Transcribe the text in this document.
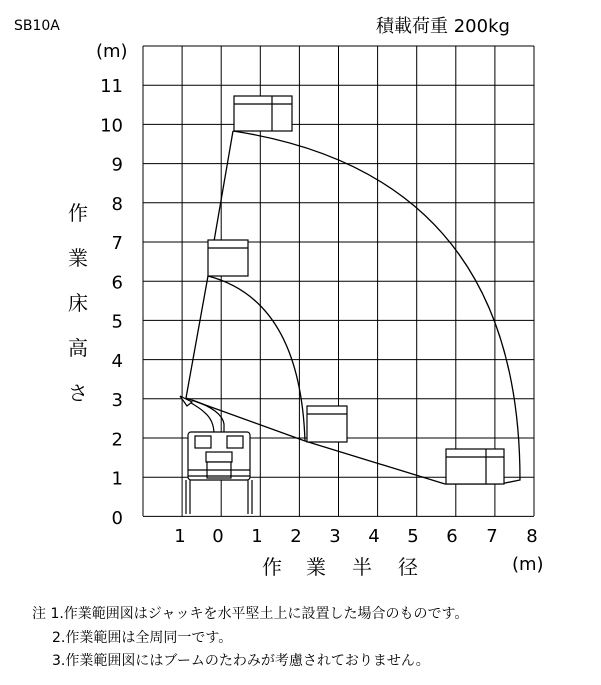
SB10A	積載荷重 200kg
(m)
0
1
2
3
4
5
6
7
8
9
10
11
作
業
床
高
さ
1 0 1 2 3 4 5 6 7 8
作 業 半 径	(m)
注 1.作業範囲図はジャッキを水平堅土上に設置した場合のものです。
2.作業範囲は全周同一です。
3.作業範囲図にはブームのたわみが考慮されておりません。
